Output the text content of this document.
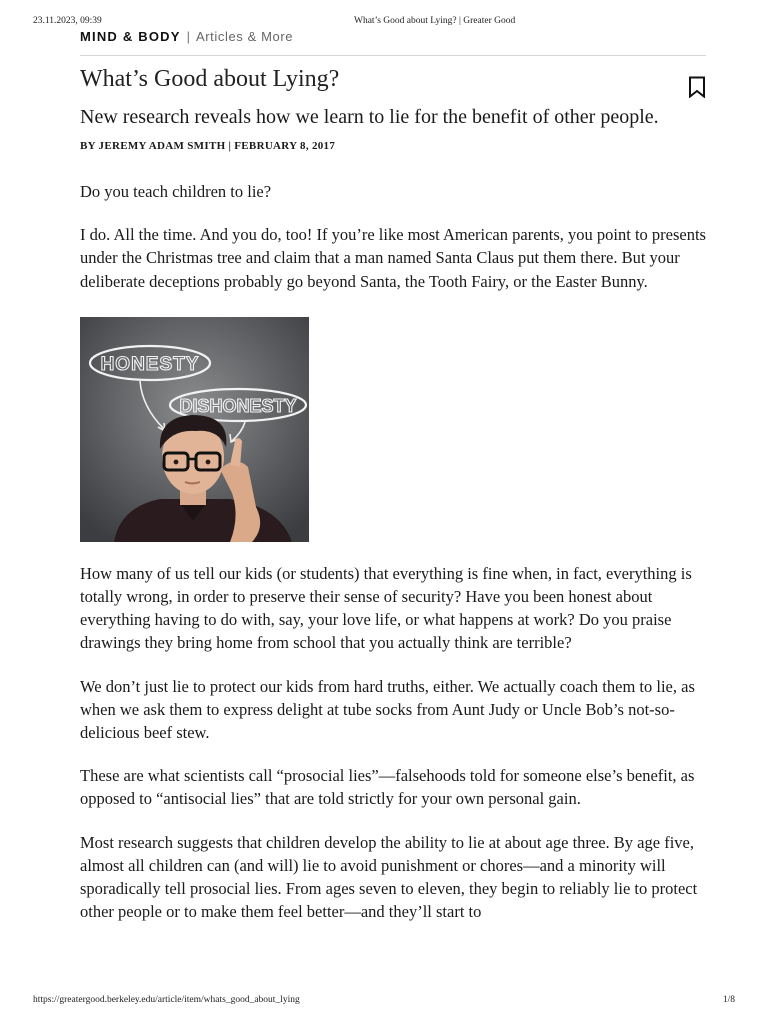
23.11.2023, 09:39	What’s Good about Lying? | Greater Good
MIND & BODY | Articles & More
What’s Good about Lying?

New research reveals how we learn to lie for the benefit of other people.

BY JEREMY ADAM SMITH | FEBRUARY 8, 2017

Do you teach children to lie?

I do. All the time. And you do, too! If you’re like most American parents, you point to presents under the Christmas tree and claim that a man named Santa Claus put them there. But your deliberate deceptions probably go beyond Santa, the Tooth Fairy, or the Easter Bunny.

HONESTY
DISHONESTY

How many of us tell our kids (or students) that everything is fine when, in fact, everything is totally wrong, in order to preserve their sense of security? Have you been honest about everything having to do with, say, your love life, or what happens at work? Do you praise drawings they bring home from school that you actually think are terrible?

We don’t just lie to protect our kids from hard truths, either. We actually coach them to lie, as when we ask them to express delight at tube socks from Aunt Judy or Uncle Bob’s not-so-delicious beef stew.

These are what scientists call “prosocial lies”—falsehoods told for someone else’s benefit, as opposed to “antisocial lies” that are told strictly for your own personal gain.

Most research suggests that children develop the ability to lie at about age three. By age five, almost all children can (and will) lie to avoid punishment or chores—and a minority will sporadically tell prosocial lies. From ages seven to eleven, they begin to reliably lie to protect other people or to make them feel better—and they’ll start to

https://greatergood.berkeley.edu/article/item/whats_good_about_lying	1/8
